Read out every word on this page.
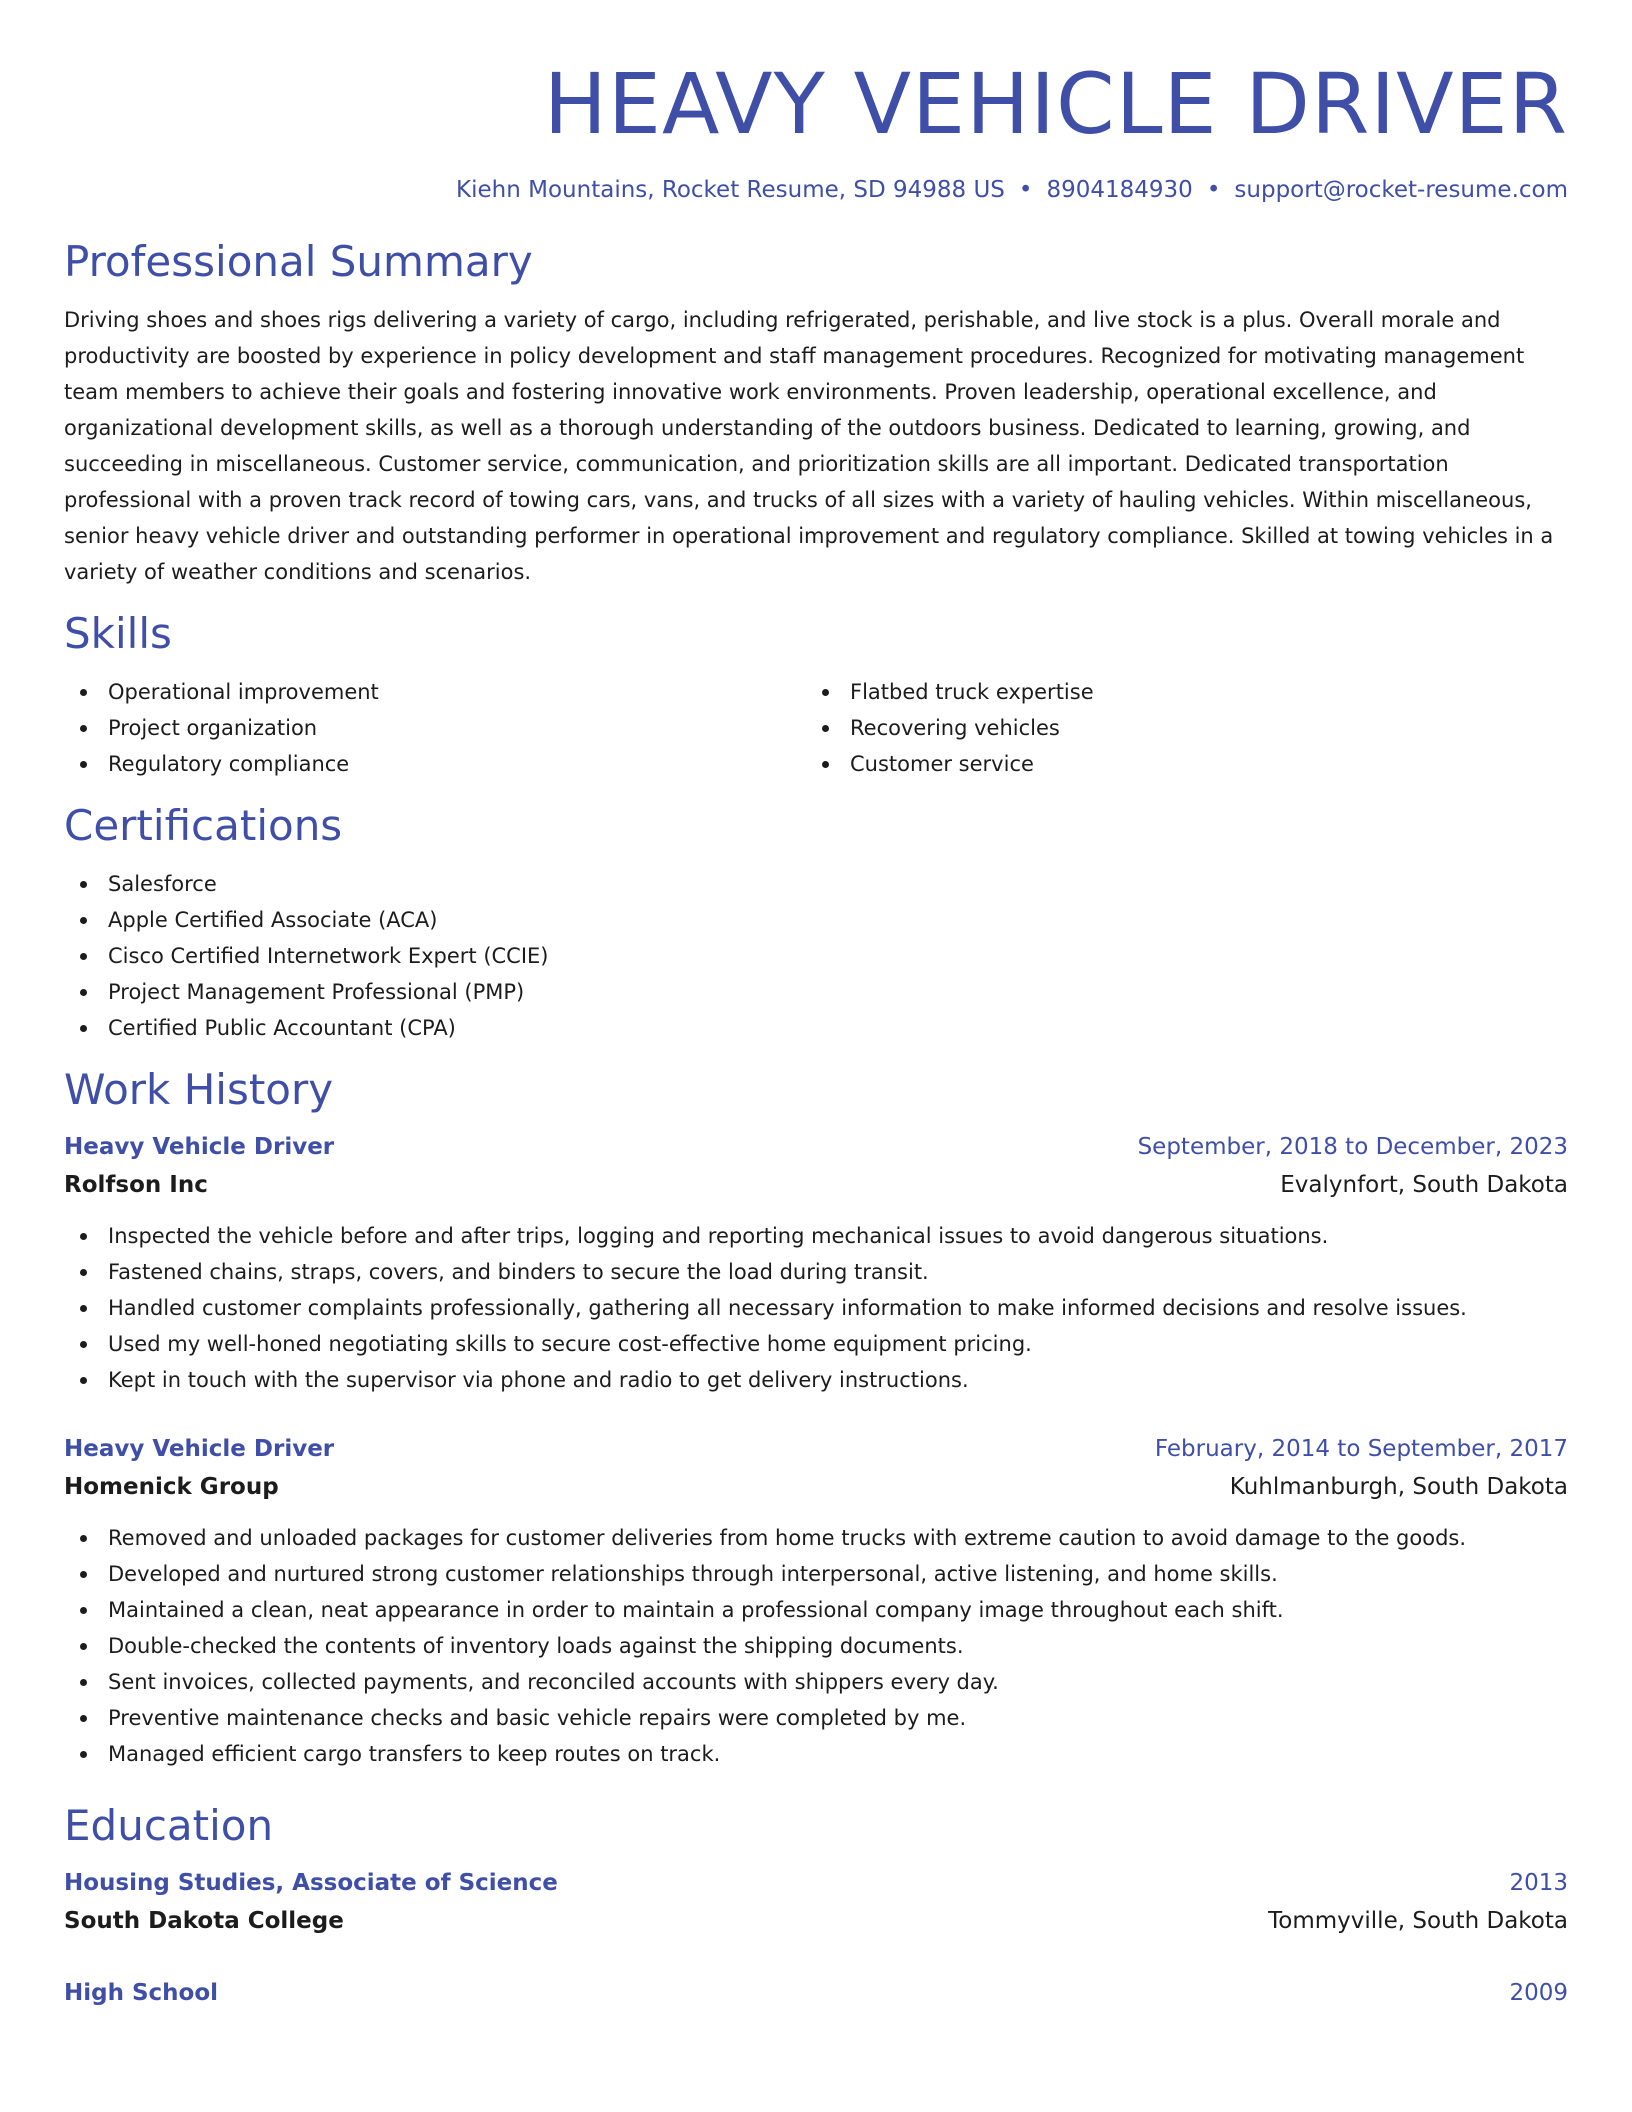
HEAVY VEHICLE DRIVER
Kiehn Mountains, Rocket Resume, SD 94988 US • 8904184930 • support@rocket-resume.com
Professional Summary

Driving shoes and shoes rigs delivering a variety of cargo, including refrigerated, perishable, and live stock is a plus. Overall morale and productivity are boosted by experience in policy development and staff management procedures. Recognized for motivating management team members to achieve their goals and fostering innovative work environments. Proven leadership, operational excellence, and organizational development skills, as well as a thorough understanding of the outdoors business. Dedicated to learning, growing, and succeeding in miscellaneous. Customer service, communication, and prioritization skills are all important. Dedicated transportation professional with a proven track record of towing cars, vans, and trucks of all sizes with a variety of hauling vehicles. Within miscellaneous, senior heavy vehicle driver and outstanding performer in operational improvement and regulatory compliance. Skilled at towing vehicles in a variety of weather conditions and scenarios.

Skills
Operational improvement
Project organization
Regulatory compliance
Flatbed truck expertise
Recovering vehicles
Customer service
Certifications
Salesforce
Apple Certified Associate (ACA)
Cisco Certified Internetwork Expert (CCIE)
Project Management Professional (PMP)
Certified Public Accountant (CPA)
Work History
Heavy Vehicle Driver	September, 2018 to December, 2023
Rolfson Inc	Evalynfort, South Dakota
Inspected the vehicle before and after trips, logging and reporting mechanical issues to avoid dangerous situations.
Fastened chains, straps, covers, and binders to secure the load during transit.
Handled customer complaints professionally, gathering all necessary information to make informed decisions and resolve issues.
Used my well-honed negotiating skills to secure cost-effective home equipment pricing.
Kept in touch with the supervisor via phone and radio to get delivery instructions.
Heavy Vehicle Driver	February, 2014 to September, 2017
Homenick Group	Kuhlmanburgh, South Dakota
Removed and unloaded packages for customer deliveries from home trucks with extreme caution to avoid damage to the goods.
Developed and nurtured strong customer relationships through interpersonal, active listening, and home skills.
Maintained a clean, neat appearance in order to maintain a professional company image throughout each shift.
Double-checked the contents of inventory loads against the shipping documents.
Sent invoices, collected payments, and reconciled accounts with shippers every day.
Preventive maintenance checks and basic vehicle repairs were completed by me.
Managed efficient cargo transfers to keep routes on track.
Education
Housing Studies, Associate of Science	2013
South Dakota College	Tommyville, South Dakota
High School	2009
